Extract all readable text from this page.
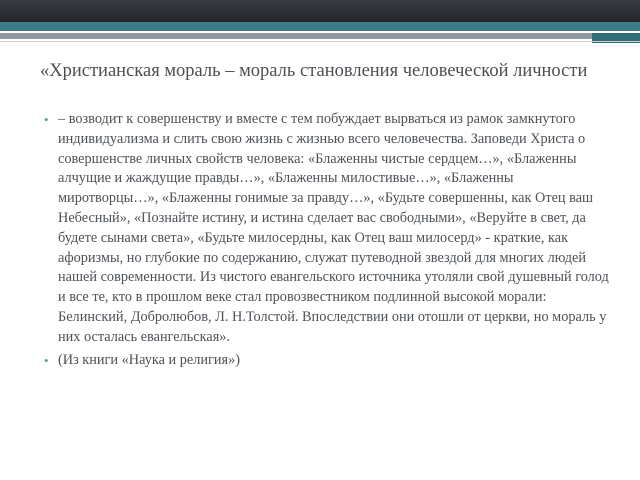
«Христианская мораль – мораль становления человеческой личности
• – возводит к совершенству и вместе с тем побуждает вырваться из рамок замкнутого индивидуализма и слить свою жизнь с жизнью всего человечества. Заповеди Христа о совершенстве личных свойств человека: «Блаженны чистые сердцем…», «Блаженны алчущие и жаждущие правды…», «Блаженны милостивые…», «Блаженны миротворцы…», «Блаженны гонимые за правду…», «Будьте совершенны, как Отец ваш Небесный», «Познайте истину, и истина сделает вас свободными», «Веруйте в свет, да будете сынами света», «Будьте милосердны, как Отец ваш милосерд» - краткие, как афоризмы, но глубокие по содержанию, служат путеводной звездой для многих людей нашей современности. Из чистого евангельского источника утоляли свой душевный голод и все те, кто в прошлом веке стал провозвестником подлинной высокой морали: Белинский, Добролюбов, Л. Н.Толстой. Впоследствии они отошли от церкви, но мораль у них осталась евангельская».
• (Из книги «Наука и религия»)
